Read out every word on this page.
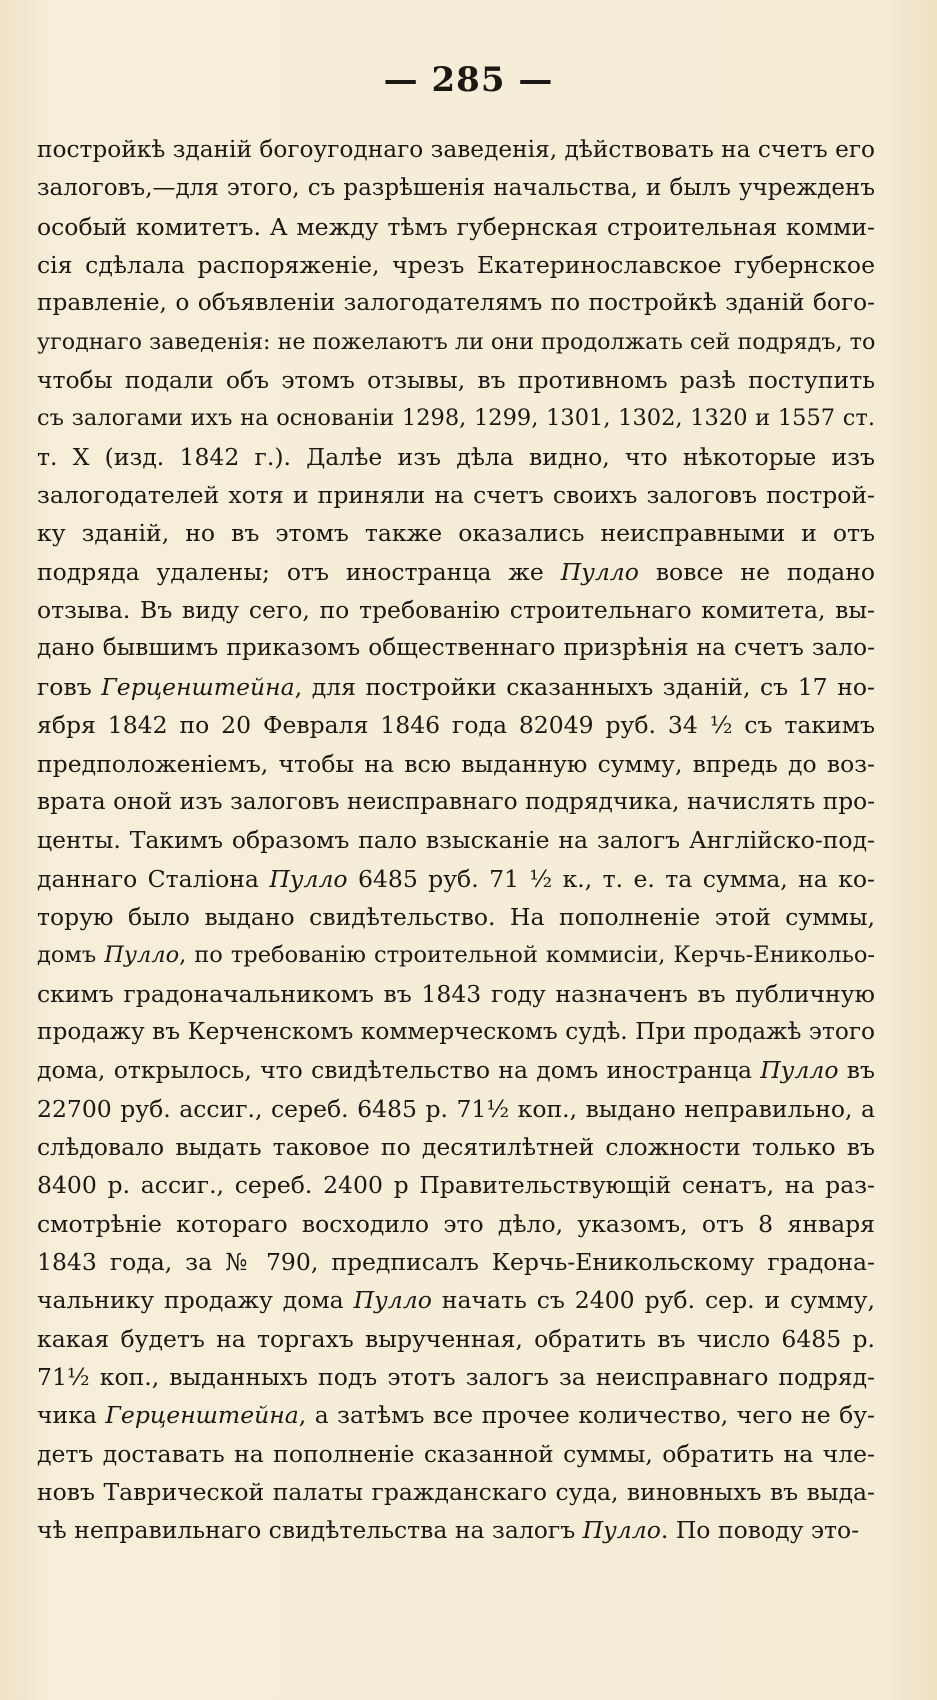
— 285 —
постройкѣ зданій богоугоднаго заведенія, дѣйствовать на счетъ его
залоговъ,—для этого, съ разрѣшенія начальства, и былъ учрежденъ
особый комитетъ. А между тѣмъ губернская строительная комми-
сія сдѣлала распоряженіе, чрезъ Екатеринославское губернское
правленіе, о объявленіи залогодателямъ по постройкѣ зданій бого-
угоднаго заведенія: не пожелаютъ ли они продолжать сей подрядъ, то
чтобы подали объ этомъ отзывы, въ противномъ разѣ поступить
съ залогами ихъ на основаніи 1298, 1299, 1301, 1302, 1320 и 1557 ст.
т. X (изд. 1842 г.). Далѣе изъ дѣла видно, что нѣкоторые изъ
залогодателей хотя и приняли на счетъ своихъ залоговъ построй-
ку зданій, но въ этомъ также оказались неисправными и отъ
подряда удалены; отъ иностранца же Пулло вовсе не подано
отзыва. Въ виду сего, по требованію строительнаго комитета, вы-
дано бывшимъ приказомъ общественнаго призрѣнія на счетъ зало-
говъ Герценштейна, для постройки сказанныхъ зданій, съ 17 но-
ября 1842 по 20 Февраля 1846 года 82049 руб. 34 ½ съ такимъ
предположеніемъ, чтобы на всю выданную сумму, впредь до воз-
врата оной изъ залоговъ неисправнаго подрядчика, начислять про-
центы. Такимъ образомъ пало взысканіе на залогъ Англійско-под-
даннаго Сталіона Пулло 6485 руб. 71 ½ к., т. е. та сумма, на ко-
торую было выдано свидѣтельство. На пополненіе этой суммы,
домъ Пулло, по требованію строительной коммисіи, Керчь-Еникольо-
скимъ градоначальникомъ въ 1843 году назначенъ въ публичную
продажу въ Керченскомъ коммерческомъ судѣ. При продажѣ этого
дома, открылось, что свидѣтельство на домъ иностранца Пулло въ
22700 руб. ассиг., сереб. 6485 р. 71½ коп., выдано неправильно, а
слѣдовало выдать таковое по десятилѣтней сложности только въ
8400 р. ассиг., сереб. 2400 р Правительствующій сенатъ, на раз-
смотрѣніе котораго восходило это дѣло, указомъ, отъ 8 января
1843 года, за № 790, предписалъ Керчь-Еникольскому градона-
чальнику продажу дома Пулло начать съ 2400 руб. сер. и сумму,
какая будетъ на торгахъ вырученная, обратить въ число 6485 р.
71½ коп., выданныхъ подъ этотъ залогъ за неисправнаго подряд-
чика Герценштейна, а затѣмъ все прочее количество, чего не бу-
детъ доставать на пополненіе сказанной суммы, обратить на чле-
новъ Таврической палаты гражданскаго суда, виновныхъ въ выда-
чѣ неправильнаго свидѣтельства на залогъ Пулло. По поводу это-
